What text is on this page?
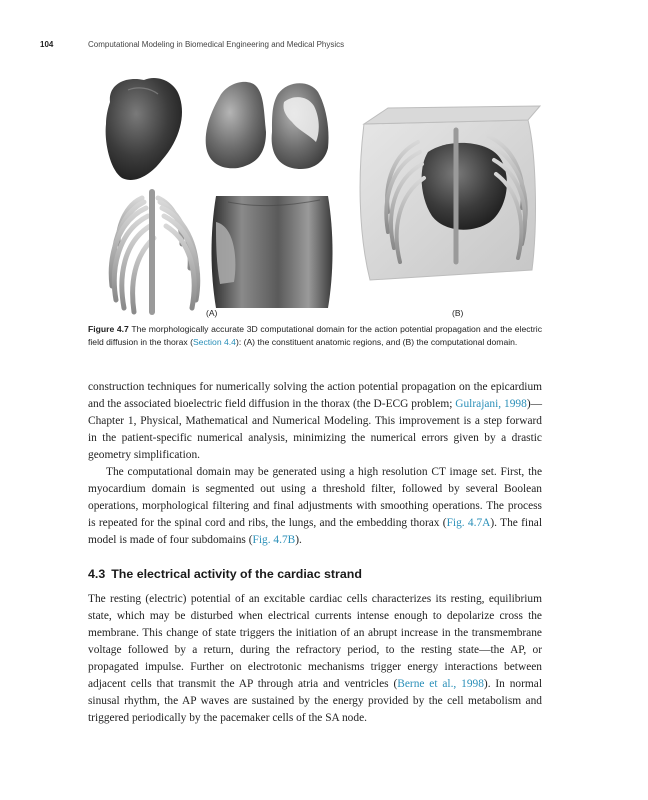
104	Computational Modeling in Biomedical Engineering and Medical Physics
(A)	(B)
Figure 4.7 The morphologically accurate 3D computational domain for the action potential propagation and the electric field diffusion in the thorax (Section 4.4): (A) the constituent anatomic regions, and (B) the computational domain.

construction techniques for numerically solving the action potential propagation on the epicardium and the associated bioelectric field diffusion in the thorax (the D-ECG problem; Gulrajani, 1998)—Chapter 1, Physical, Mathematical and Numerical Modeling. This improvement is a step forward in the patient-specific numerical analysis, minimizing the numerical errors given by a drastic geometry simplification.

The computational domain may be generated using a high resolution CT image set. First, the myocardium domain is segmented out using a threshold filter, followed by several Boolean operations, morphological filtering and final adjustments with smoothing operations. The process is repeated for the spinal cord and ribs, the lungs, and the embedding thorax (Fig. 4.7A). The final model is made of four subdomains (Fig. 4.7B).

4.3 The electrical activity of the cardiac strand

The resting (electric) potential of an excitable cardiac cells characterizes its resting, equilibrium state, which may be disturbed when electrical currents intense enough to depolarize cross the membrane. This change of state triggers the initiation of an abrupt increase in the transmembrane voltage followed by a return, during the refractory period, to the resting state—the AP, or propagated impulse. Further on electrotonic mechanisms trigger energy interactions between adjacent cells that transmit the AP through atria and ventricles (Berne et al., 1998). In normal sinusal rhythm, the AP waves are sustained by the energy provided by the cell metabolism and triggered periodically by the pacemaker cells of the SA node.
